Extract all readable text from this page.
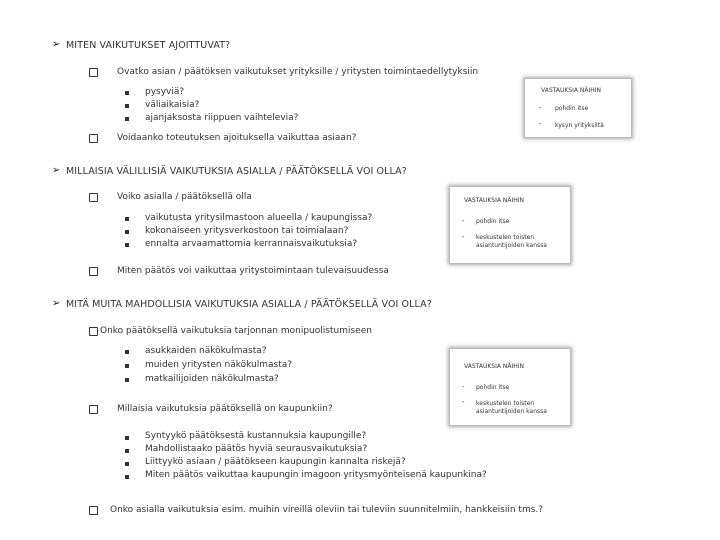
➢ MITEN VAIKUTUKSET AJOITTUVAT?
Ovatko asian / päätöksen vaikutukset yrityksille / yritysten toimintaedellytyksiin
pysyviä?
väliaikaisia?
ajanjaksosta riippuen vaihtelevia?
Voidaanko toteutuksen ajoituksella vaikuttaa asiaan?
VASTAUKSIA NÄIHIN
- pohdin itse
- kysyn yrityksiltä
➢ MILLAISIA VÄLILLISIÄ VAIKUTUKSIA ASIALLA / PÄÄTÖKSELLÄ VOI OLLA?
Voiko asialla / päätöksellä olla
vaikutusta yritysilmastoon alueella / kaupungissa?
kokonaiseen yritysverkostoon tai toimialaan?
ennalta arvaamattomia kerrannaisvaikutuksia?
Miten päätös voi vaikuttaa yritystoimintaan tulevaisuudessa
VASTAUKSIA NÄIHIN
- pohdin itse
- keskustelen toisten asiantuntijoiden kanssa
➢ MITÄ MUITA MAHDOLLISIA VAIKUTUKSIA ASIALLA / PÄÄTÖKSELLÄ VOI OLLA?
Onko päätöksellä vaikutuksia tarjonnan monipuolistumiseen
asukkaiden näkökulmasta?
muiden yritysten näkökulmasta?
matkailijoiden näkökulmasta?
Millaisia vaikutuksia päätöksellä on kaupunkiin?
Syntyykö päätöksestä kustannuksia kaupungille?
Mahdollistaako päätös hyviä seurausvaikutuksia?
Liittyykö asiaan / päätökseen kaupungin kannalta riskejä?
Miten päätös vaikuttaa kaupungin imagoon yritysmyönteisenä kaupunkina?
Onko asialla vaikutuksia esim. muihin vireillä oleviin tai tuleviin suunnitelmiin, hankkeisiin tms.?
VASTAUKSIA NÄIHIN
- pohdin itse
- keskustelen toisten asiantuntijoiden kanssa
